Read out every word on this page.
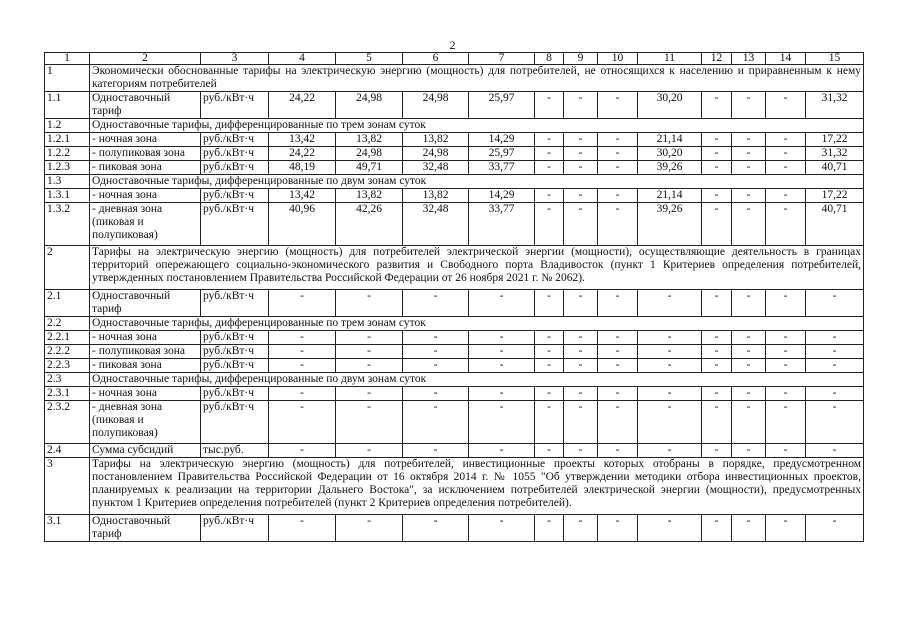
2
1	2	3	4	5	6	7	8	9	10	11	12	13	14	15
1	Экономически обоснованные тарифы на электрическую энергию (мощность) для потребителей, не относящихся к населению и приравненным к нему категориям потребителей													
1.1	Одноставочный тариф	руб./кВт·ч	24,22	24,98	24,98	25,97	-	-	-	30,20	-	-	-	31,32
1.2	Одноставочные тарифы, дифференцированные по трем зонам суток													
1.2.1	- ночная зона	руб./кВт·ч	13,42	13,82	13,82	14,29	-	-	-	21,14	-	-	-	17,22
1.2.2	- полупиковая зона	руб./кВт·ч	24,22	24,98	24,98	25,97	-	-	-	30,20	-	-	-	31,32
1.2.3	- пиковая зона	руб./кВт·ч	48,19	49,71	32,48	33,77	-	-	-	39,26	-	-	-	40,71
1.3	Одноставочные тарифы, дифференцированные по двум зонам суток													
1.3.1	- ночная зона	руб./кВт·ч	13,42	13,82	13,82	14,29	-	-	-	21,14	-	-	-	17,22
1.3.2	- дневная зона (пиковая и полупиковая)	руб./кВт·ч	40,96	42,26	32,48	33,77	-	-	-	39,26	-	-	-	40,71
2	Тарифы на электрическую энергию (мощность) для потребителей электрической энергии (мощности), осуществляющие деятельность в границах территорий опережающего социально-экономического развития и Свободного порта Владивосток (пункт 1 Критериев определения потребителей, утвержденных постановлением Правительства Российской Федерации от 26 ноября 2021 г. № 2062).													
2.1	Одноставочный тариф	руб./кВт·ч	-	-	-	-	-	-	-	-	-	-	-	-
2.2	Одноставочные тарифы, дифференцированные по трем зонам суток													
2.2.1	- ночная зона	руб./кВт·ч	-	-	-	-	-	-	-	-	-	-	-	-
2.2.2	- полупиковая зона	руб./кВт·ч	-	-	-	-	-	-	-	-	-	-	-	-
2.2.3	- пиковая зона	руб./кВт·ч	-	-	-	-	-	-	-	-	-	-	-	-
2.3	Одноставочные тарифы, дифференцированные по двум зонам суток													
2.3.1	- ночная зона	руб./кВт·ч	-	-	-	-	-	-	-	-	-	-	-	-
2.3.2	- дневная зона (пиковая и полупиковая)	руб./кВт·ч	-	-	-	-	-	-	-	-	-	-	-	-
2.4	Сумма субсидий	тыс.руб.	-	-	-	-	-	-	-	-	-	-	-	-
3	Тарифы на электрическую энергию (мощность) для потребителей, инвестиционные проекты которых отобраны в порядке, предусмотренном постановлением Правительства Российской Федерации от 16 октября 2014 г. № 1055 "Об утверждении методики отбора инвестиционных проектов, планируемых к реализации на территории Дальнего Востока", за исключением потребителей электрической энергии (мощности), предусмотренных пунктом 1 Критериев определения потребителей (пункт 2 Критериев определения потребителей).													
3.1	Одноставочный тариф	руб./кВт·ч	-	-	-	-	-	-	-	-	-	-	-	-
